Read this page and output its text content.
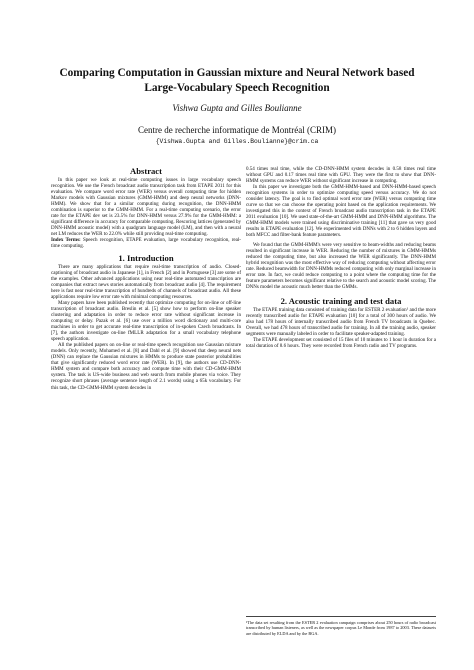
Comparing Computation in Gaussian mixture and Neural Network based
Large-Vocabulary Speech Recognition
Vishwa Gupta and Gilles Boulianne
Centre de recherche informatique de Montréal (CRIM)
{Vishwa.Gupta and Gilles.Boulianne}@crim.ca

Abstract

In this paper we look at real-time computing issues in large vocabulary speech recognition. We use the French broadcast audio transcription task from ETAPE 2011 for this evaluation. We compare word error rate (WER) versus overall computing time for hidden Markov models with Gaussian mixtures (GMM-HMM) and deep neural networks (DNN-HMM). We show that for a similar computing during recognition, the DNN-HMM combination is superior to the GMM-HMM. For a real-time computing scenario, the error rate for the ETAPE dev set is 23.5% for DNN-HMM versus 27.9% for the GMM-HMM: a significant difference in accuracy for comparable computing. Rescoring lattices (generated by DNN-HMM acoustic model) with a quadgram language model (LM), and then with a neural net LM reduces the WER to 22.0% while still providing real-time computing.

Index Terms: Speech recognition, ETAPE evaluation, large vocabulary recognition, real-time computing.

1. Introduction

There are many applications that require real-time transcription of audio. Closed-captioning of broadcast audio in Japanese [1], in French [2] and in Portuguese [3] are some of the examples. Other advanced applications using near real-time automated transcription are companies that extract news stories automatically from broadcast audio [4]. The requirement here is fast near real-time transcription of hundreds of channels of broadcast audio. All these applications require low error rate with minimal computing resources.

Many papers have been published recently that optimize computing for on-line or off-line transcription of broadcast audio. Breslin et al. [5] show how to perform on-line speaker clustering and adaptation in order to reduce error rate without significant increase in computing or delay. Pazak et al. [6] use over a million word dictionary and multi-core machines in order to get accurate real-time transcription of in-spoken Czech broadcasts. In [7], the authors investigate on-line fMLLR adaptation for a small vocabulary telephone speech application.

All the published papers on on-line or real-time speech recognition use Gaussian mixture models. Only recently, Mohamed et al. [8] and Dahl et al. [9] showed that deep neural nets (DNN) can replace the Gaussian mixtures in HMMs to produce state posterior probabilities that give significantly reduced word error rate (WER). In [9], the authors use CD-DNN-HMM system and compare both accuracy and compute time with their CD-GMM-HMM system. The task is US-wide business and web search from mobile phones via voice. They recognize short phrases (average sentence length of 2.1 words) using a 65k vocabulary. For this task, the CD-GMM-HMM system decodes in

0.54 times real time, while the CD-DNN-HMM system decodes in 0.58 times real time without GPU and 0.17 times real time with GPU. They were the first to show that DNN-HMM systems can reduce WER without significant increase in computing.

In this paper we investigate both the GMM-HMM-based and DNN-HMM-based speech recognition systems in order to optimize computing speed versus accuracy. We do not consider latency. The goal is to find optimal word error rate (WER) versus computing time curve so that we can choose the operating point based on the application requirements. We investigated this in the context of French broadcast audio transcription task in the ETAPE 2011 evaluation [10]. We used state-of-the-art GMM-HMM and DNN-HMM algorithms. The GMM-HMM models were trained using discriminative training [11] that gave us very good results in ETAPE evaluation [12]. We experimented with DNNs with 2 to 6 hidden layers and both MFCC and filter-bank feature parameters.

We found that the GMM-HMM's were very sensitive to beam-widths and reducing beams resulted in significant increase in WER. Reducing the number of mixtures in GMM-HMMs reduced the computing time, but also increased the WER significantly. The DNN-HMM hybrid recognition was the most effective way of reducing computing without affecting error rate. Reduced beamwidth for DNN-HMMs reduced computing with only marginal increase in error rate. In fact, we could reduce computing to a point where the computing time for the feature parameters becomes significant relative to the search and acoustic model scoring. The DNNs model the acoustic much better than the GMMs.

2. Acoustic training and test data

The ETAPE training data consisted of training data for ESTER 2 evaluation¹ and the more recently transcribed audio for ETAPE evaluation [10] for a total of 300 hours of audio. We also had 178 hours of internally transcribed audio from French TV broadcasts in Quebec. Overall, we had 478 hours of transcribed audio for training. In all the training audio, speaker segments were manually labeled in order to facilitate speaker-adapted training.

The ETAPE development set consisted of 15 files of 10 minutes to 1 hour in duration for a total duration of 8.6 hours. They were recorded from French radio and TV programs.

¹The data set resulting from the ESTER 2 evaluation campaign comprises about 250 hours of radio broadcast transcribed by human listeners, as well as the newspaper corpus Le Monde from 1987 to 2003. These datasets are distributed by ELDA and by the BGA.
